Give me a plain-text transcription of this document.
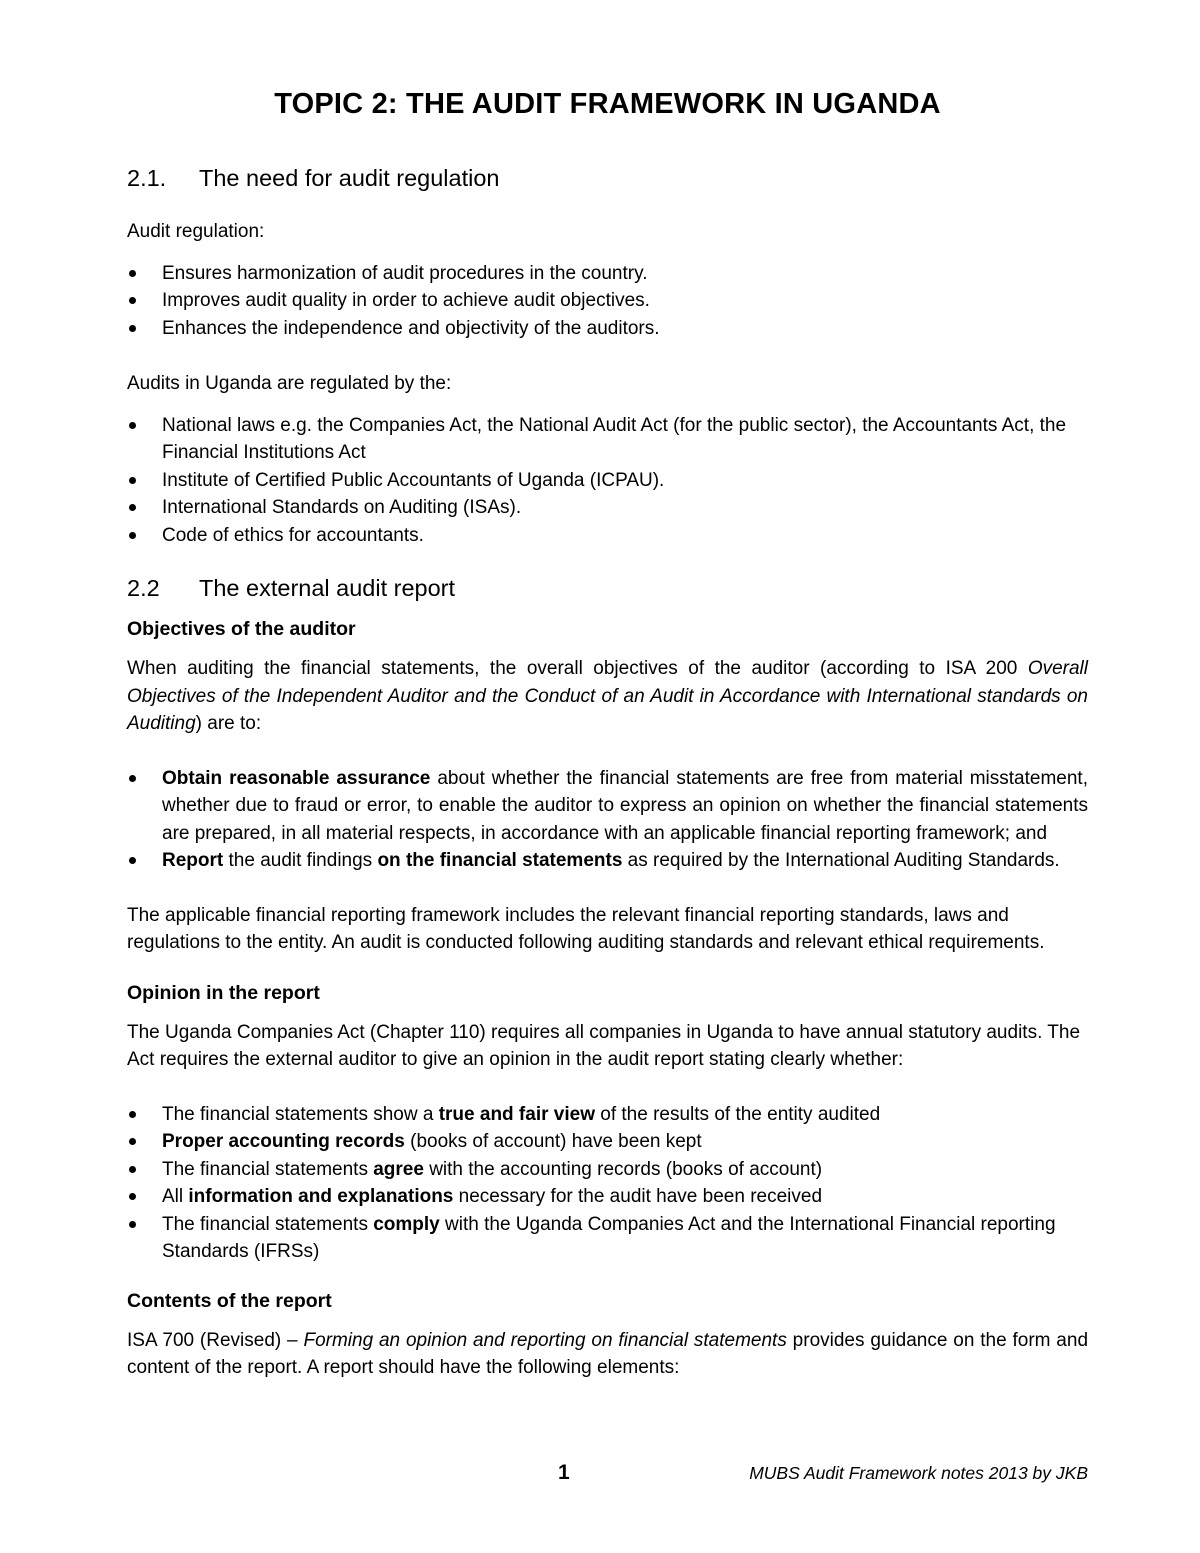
TOPIC 2: THE AUDIT FRAMEWORK IN UGANDA
2.1.	The need for audit regulation

Audit regulation:

Ensures harmonization of audit procedures in the country.
Improves audit quality in order to achieve audit objectives.
Enhances the independence and objectivity of the auditors.

Audits in Uganda are regulated by the:

National laws e.g. the Companies Act, the National Audit Act (for the public sector), the Accountants Act, the Financial Institutions Act
Institute of Certified Public Accountants of Uganda (ICPAU).
International Standards on Auditing (ISAs).
Code of ethics for accountants.
2.2	The external audit report
Objectives of the auditor

When auditing the financial statements, the overall objectives of the auditor (according to ISA 200 Overall Objectives of the Independent Auditor and the Conduct of an Audit in Accordance with International standards on Auditing) are to:

Obtain reasonable assurance about whether the financial statements are free from material misstatement, whether due to fraud or error, to enable the auditor to express an opinion on whether the financial statements are prepared, in all material respects, in accordance with an applicable financial reporting framework; and
Report the audit findings on the financial statements as required by the International Auditing Standards.

The applicable financial reporting framework includes the relevant financial reporting standards, laws and regulations to the entity. An audit is conducted following auditing standards and relevant ethical requirements.

Opinion in the report

The Uganda Companies Act (Chapter 110) requires all companies in Uganda to have annual statutory audits. The Act requires the external auditor to give an opinion in the audit report stating clearly whether:

The financial statements show a true and fair view of the results of the entity audited
Proper accounting records (books of account) have been kept
The financial statements agree with the accounting records (books of account)
All information and explanations necessary for the audit have been received
The financial statements comply with the Uganda Companies Act and the International Financial reporting Standards (IFRSs)
Contents of the report

ISA 700 (Revised) – Forming an opinion and reporting on financial statements provides guidance on the form and content of the report. A report should have the following elements:

1	MUBS Audit Framework notes 2013 by JKB
